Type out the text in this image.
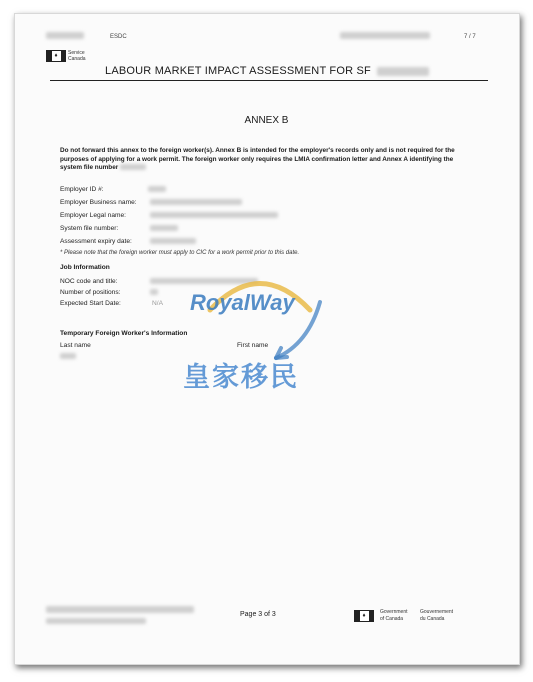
ESDC	7 / 7
♦	Service
Canada
LABOUR MARKET IMPACT ASSESSMENT FOR SF
ANNEX B
Do not forward this annex to the foreign worker(s). Annex B is intended for the employer's records only and is not required for the purposes of applying for a work permit. The foreign worker only requires the LMIA confirmation letter and Annex A identifying the system file number
Employer ID #:
Employer Business name:
Employer Legal name:
System file number:
Assessment expiry date:
* Please note that the foreign worker must apply to CIC for a work permit prior to this date.
Job Information
NOC code and title:
Number of positions:
Expected Start Date:	N/A
Temporary Foreign Worker's Information
Last name	First name
RoyalWay
皇家移民
Page 3 of 3	♦
Government
of Canada
Gouvernement
du Canada
